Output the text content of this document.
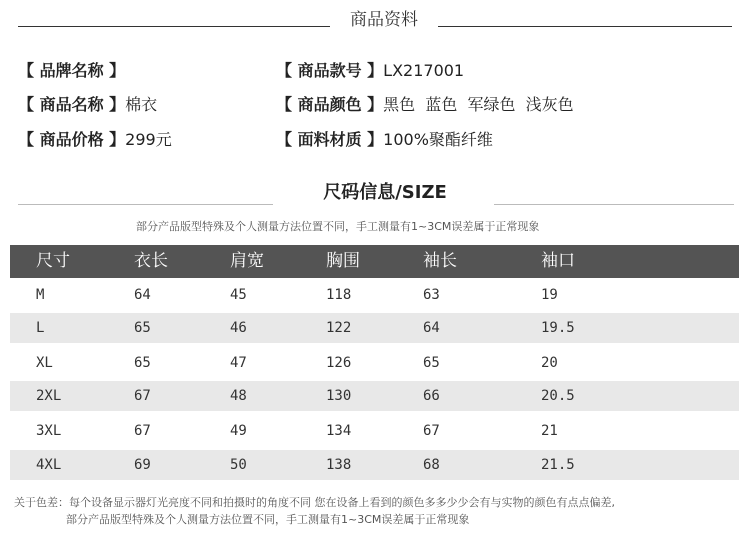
商品资料
【 品牌名称 】	【 商品款号 】LX217001
【 商品名称 】棉衣	【 商品颜色 】黑色  蓝色  军绿色  浅灰色
【 商品价格 】299元	【 面料材质 】100%聚酯纤维
尺码信息/SIZE
部分产品版型特殊及个人测量方法位置不同，手工测量有1~3CM误差属于正常现象
尺寸	衣长	肩宽	胸围	袖长	袖口
M	64	45	118	63	19
L	65	46	122	64	19.5
XL	65	47	126	65	20
2XL	67	48	130	66	20.5
3XL	67	49	134	67	21
4XL	69	50	138	68	21.5
关于色差：每个设备显示器灯光亮度不同和拍摄时的角度不同 您在设备上看到的颜色多多少少会有与实物的颜色有点点偏差,
部分产品版型特殊及个人测量方法位置不同，手工测量有1~3CM误差属于正常现象
